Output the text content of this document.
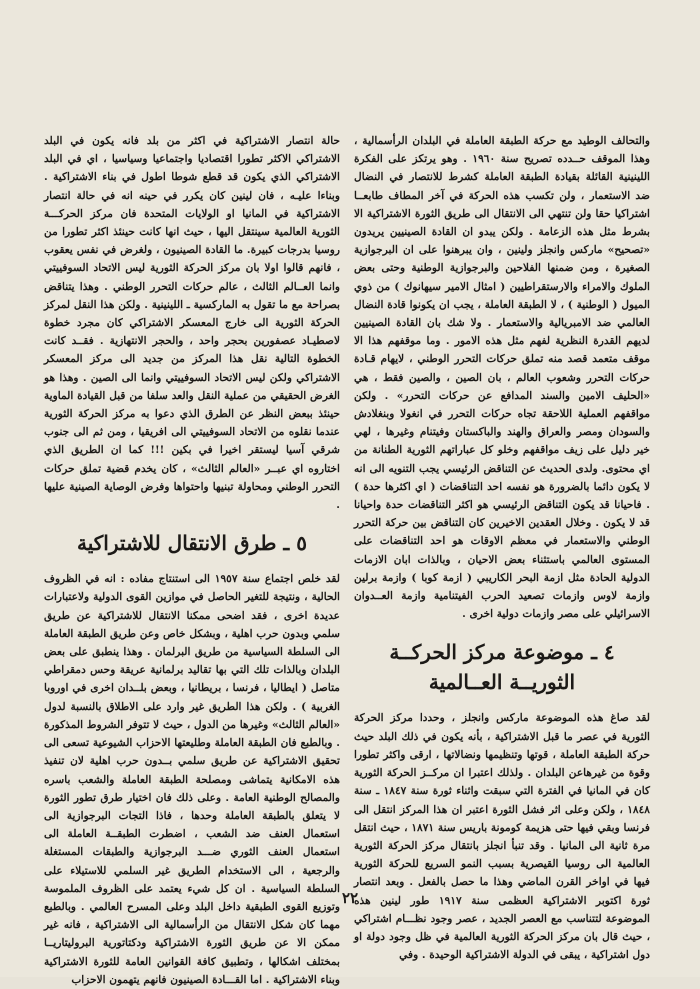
والتحالف الوطيد مع حركة الطبقة العاملة في البلدان الرأسمالية ، وهذا الموقف حــدده تصريح سنة ١٩٦٠ . وهو يرتكز على الفكرة اللينينية القائلة بقيادة الطبقة العاملة كشرط للانتصار في النضال ضد الاستعمار ، ولن تكسب هذه الحركة في آخر المطاف طابعــا اشتراكيا حقا ولن تنتهي الى الانتقال الى طريق الثورة الاشتراكية الا بشرط مثل هذه الزعامة . ولكن يبدو ان القادة الصينيين يريدون «تصحيح» ماركس وانجلز ولينين ، وان يبرهنوا على ان البرجوازية الصغيرة ، ومن ضمنها الفلاحين والبرجوازية الوطنية وحتى بعض الملوك والامراء والارستقراطيين ( امثال الامير سيهانوك ) من ذوي الميول ( الوطنية ) ، لا الطبقة العاملة ، يجب ان يكونوا قادة النضال العالمي ضد الامبريالية والاستعمار . ولا شك بان القادة الصينيين لديهم القدرة النظرية لفهم مثل هذه الامور . وما موقفهم هذا الا موقف متعمد قصد منه تملق حركات التحرر الوطني ، لايهام قـادة حركات التحرر وشعوب العالم ، بان الصين ، والصين فقط ، هي «الحليف الامين والسند المدافع عن حركات التحرر» . ولكن مواقفهم العملية اللاحقة تجاه حركات التحرر في انغولا وبنغلادش والسودان ومصر والعراق والهند والباكستان وفيتنام وغيرها ، لهي خير دليل على زيف مواقفهم وخلو كل عباراتهم الثورية الطنانة من اي محتوى. ولدى الحديث عن التناقض الرئيسي يجب التنويه الى انه لا يكون دائما بالضرورة هو نفسه احد التناقضات ( اي اكثرها حدة ) . فاحيانا قد يكون التناقض الرئيسي هو اكثر التناقضات حدة واحيانا قد لا يكون . وخلال العقدين الاخيرين كان التناقض بين حركة التحرر الوطني والاستعمار في معظم الاوقات هو احد التناقضات على المستوى العالمي باستثناء بعض الاحيان ، وبالذات ابان الازمات الدولية الحادة مثل ازمة البحر الكاريبي ( ازمة كوبا ) وازمة برلين وازمة لاوس وازمات تصعيد الحرب الفيتنامية وازمة العــدوان الاسرائيلي على مصر وازمات دولية اخرى .

٤ ـ موضوعة مركز الحركــة الثوريــة العــالمية

لقد صاغ هذه الموضوعة ماركس وانجلز ، وحددا مركز الحركة الثورية في عصر ما قبل الاشتراكية ، بأنه يكون في ذلك البلد حيث حركة الطبقة العاملة ، قوتها وتنظيمها ونضالاتها ، ارقى واكثر تطورا وقوة من غيرهاعن البلدان . ولذلك اعتبرا ان مركــز الحركة الثورية كان في المانيا في الفترة التي سبقت واثناء ثورة سنة ١٨٤٧ ـ سنة ١٨٤٨ ، ولكن وعلى اثر فشل الثورة اعتبر ان هذا المركز انتقل الى فرنسا وبقي فيها حتى هزيمة كومونة باريس سنة ١٨٧١ ، حيث انتقل مرة ثانية الى المانيا . وقد تنبأ انجلز بانتقال مركز الحركة الثورية العالمية الى روسيا القيصرية بسبب النمو السريع للحركة الثورية فيها في اواخر القرن الماضي وهذا ما حصل بالفعل . وبعد انتصار ثورة اكتوبر الاشتراكية العظمى سنة ١٩١٧ طور لينين هذه الموضوعة لتتناسب مع العصر الجديد ، عصر وجود نظـــام اشتراكي ، حيث قال بان مركز الحركة الثورية العالمية في ظل وجود دولة او دول اشتراكية ، يبقى في الدولة الاشتراكية الوحيدة . وفي

حالة انتصار الاشتراكية في اكثر من بلد فانه يكون في البلد الاشتراكي الاكثر تطورا اقتصاديا واجتماعيا وسياسيا ، اي في البلد الاشتراكي الذي يكون قد قطع شوطا اطول في بناء الاشتراكية . وبناءا عليـه ، فان لينين كان يكرر في حينه انه في حالة انتصار الاشتراكية في المانيا او الولايات المتحدة فان مركز الحركـــة الثورية العالمية سينتقل اليها ، حيث انها كانت حينئذ اكثر تطورا من روسيا بدرجات كبيرة. ما القادة الصينيون ، ولغرض في نفس يعقوب ، فانهم قالوا اولا بان مركز الحركة الثورية ليس الاتحاد السوفييتي وانما العــالم الثالث ، عالم حركات التحرر الوطني . وهذا يتناقض بصراحة مع ما تقول به الماركسية ـ اللينينية . ولكن هذا النقل لمركز الحركة الثورية الى خارج المعسكر الاشتراكي كان مجرد خطوة لاصطيـاد عصفورين بحجر واحد ، والحجر الانتهازية . فقــد كانت الخطوة التالية نقل هذا المركز من جديد الى مركز المعسكر الاشتراكي ولكن ليس الاتحاد السوفييتي وانما الى الصين . وهذا هو الغرض الحقيقي من عملية النقل والعد سلفا من قبل القيادة الماوية حينئذ ببعض النظر عن الطرق الذي دعوا به مركز الحركة الثورية عندما نقلوه من الاتحاد السوفييتي الى افريقيا ، ومن ثم الى جنوب شرقي آسيا ليستقر اخيرا في بكين !!! كما ان الطريق الذي اختاروه اي عبــر «العالم الثالث» ، كان يخدم قضية تملق حركات التحرر الوطني ومحاولة تبنيها واحتواها وفرض الوصاية الصينية عليها .

٥ ـ طرق الانتقال للاشتراكية

لقد خلص اجتماع سنة ١٩٥٧ الى استنتاج مفاده : انه في الظروف الحالية ، ونتيجة للتغير الحاصل في موازين القوى الدولية ولاعتبارات عديدة اخرى ، فقد اضحى ممكنا الانتقال للاشتراكية عن طريق سلمي وبدون حرب اهلية ، وبشكل خاص وعن طريق الطبقة العاملة الى السلطة السياسية من طريق البرلمان . وهذا ينطبق على بعض البلدان وبالذات تلك التي بها تقاليد برلمانية عريقة وحس دمقراطي متاصل ( ايطاليا ، فرنسا ، بريطانيا ، وبعض بلــدان اخرى في اوروبا الغربية ) . ولكن هذا الطريق غير وارد على الاطلاق بالنسبة لدول «العالم الثالث» وغيرها من الدول ، حيث لا تتوفر الشروط المذكورة . وبالطبع فان الطبقة العاملة وطليعتها الاحزاب الشيوعية تسعى الى تحقيق الاشتراكية عن طريق سلمي بــدون حرب اهلية لان تنفيذ هذه الامكانية يتماشى ومصلحة الطبقة العاملة والشعب باسره والمصالح الوطنية العامة . وعلى ذلك فان اختيار طرق تطور الثورة لا يتعلق بالطبقة العاملة وحدها ، فاذا التجات البرجوازية الى استعمال العنف ضد الشعب ، اضطرت الطبقــة العاملة الى استعمال العنف الثوري ضـــد البرجوازية والطبقات المستغلة والرجعية ، الى الاستخدام الطريق غير السلمي للاستيلاء على السلطة السياسية . ان كل شيء يعتمد على الظروف الملموسة وتوزيع القوى الطبقية داخل البلد وعلى المسرح العالمي . وبالطبع مهما كان شكل الانتقال من الرأسمالية الى الاشتراكية ، فانه غير ممكن الا عن طريق الثورة الاشتراكية ودكتاتورية البروليتاريــا بمختلف اشكالها ، وتطبيق كافة القوانين العامة للثورة الاشتراكية وبناء الاشتراكية . اما القـــادة الصينيون فانهم يتهمون الاحزاب

٢٢
